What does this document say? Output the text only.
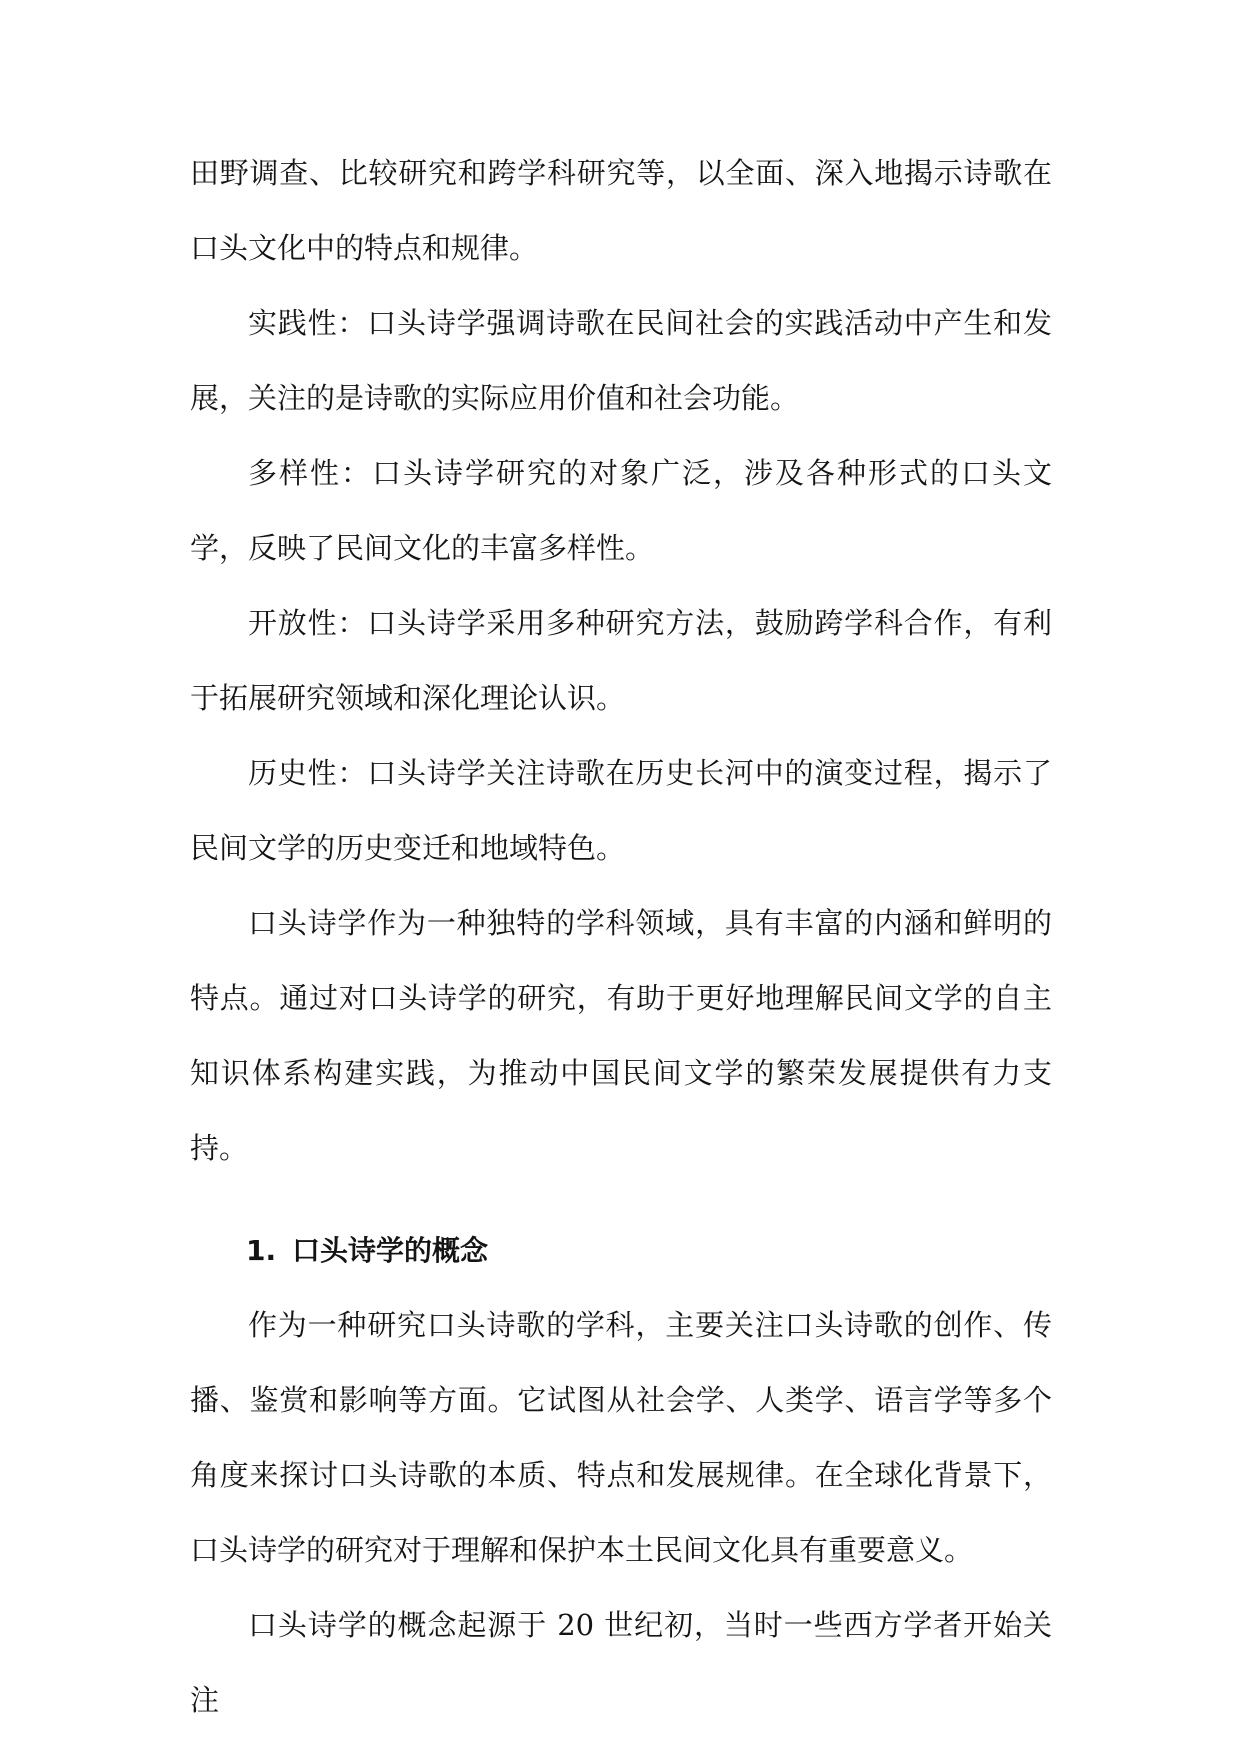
田野调查、比较研究和跨学科研究等，以全面、深入地揭示诗歌在口头文化中的特点和规律。

实践性：口头诗学强调诗歌在民间社会的实践活动中产生和发展，关注的是诗歌的实际应用价值和社会功能。

多样性：口头诗学研究的对象广泛，涉及各种形式的口头文学，反映了民间文化的丰富多样性。

开放性：口头诗学采用多种研究方法，鼓励跨学科合作，有利于拓展研究领域和深化理论认识。

历史性：口头诗学关注诗歌在历史长河中的演变过程，揭示了民间文学的历史变迁和地域特色。

口头诗学作为一种独特的学科领域，具有丰富的内涵和鲜明的特点。通过对口头诗学的研究，有助于更好地理解民间文学的自主知识体系构建实践，为推动中国民间文学的繁荣发展提供有力支持。

1. 口头诗学的概念

作为一种研究口头诗歌的学科，主要关注口头诗歌的创作、传播、鉴赏和影响等方面。它试图从社会学、人类学、语言学等多个角度来探讨口头诗歌的本质、特点和发展规律。在全球化背景下，口头诗学的研究对于理解和保护本土民间文化具有重要意义。

口头诗学的概念起源于 20 世纪初，当时一些西方学者开始关注
